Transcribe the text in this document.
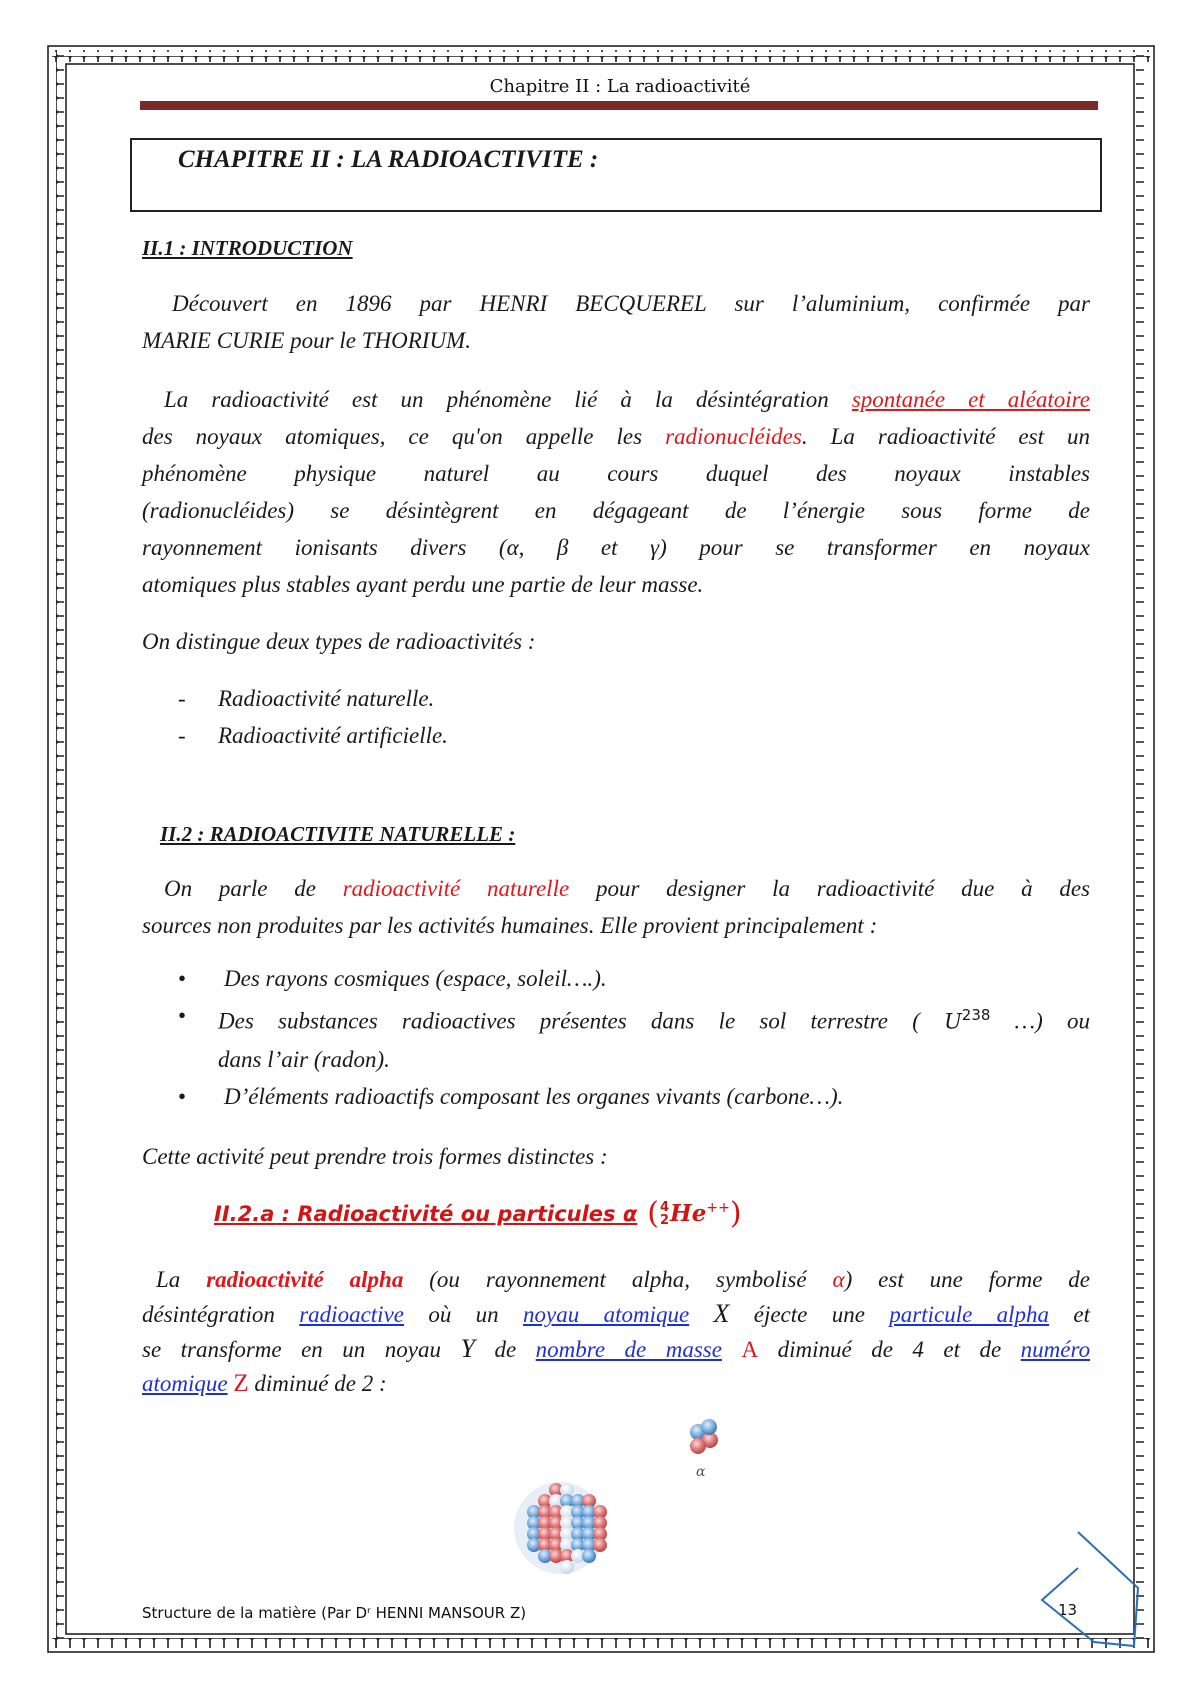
Chapitre II : La radioactivité
CHAPITRE II : LA RADIOACTIVITE :
II.1 : INTRODUCTION
Découvert en 1896 par HENRI BECQUEREL sur l’aluminium, confirmée par
MARIE CURIE pour le THORIUM.
La radioactivité est un phénomène lié à la désintégration spontanée et aléatoire
des noyaux atomiques, ce qu'on appelle les radionucléides. La radioactivité est un
phénomène physique naturel au cours duquel des noyaux instables
(radionucléides) se désintègrent en dégageant de l’énergie sous forme de
rayonnement ionisants divers (α, β et γ) pour se transformer en noyaux
atomiques plus stables ayant perdu une partie de leur masse.
On distingue deux types de radioactivités :
- Radioactivité naturelle.
- Radioactivité artificielle.
II.2 : RADIOACTIVITE NATURELLE :
On parle de radioactivité naturelle pour designer la radioactivité due à des
sources non produites par les activités humaines. Elle provient principalement :
• Des rayons cosmiques (espace, soleil….).
•	Des substances radioactives présentes dans le sol terrestre ( $U^{238}$ …) ou
dans l’air (radon).
• D’éléments radioactifs composant les organes vivants (carbone…).
Cette activité peut prendre trois formes distinctes :
II.2.a : Radioactivité ou particules α ( 4
2 He++ )
La radioactivité alpha (ou rayonnement alpha, symbolisé α) est une forme de
désintégration radioactive où un noyau atomique X éjecte une particule alpha et
se transforme en un noyau Y de nombre de masse A diminué de 4 et de numéro
atomique Z diminué de 2 :
α
Structure de la matière (Par Dʳ HENNI MANSOUR Z)	13
